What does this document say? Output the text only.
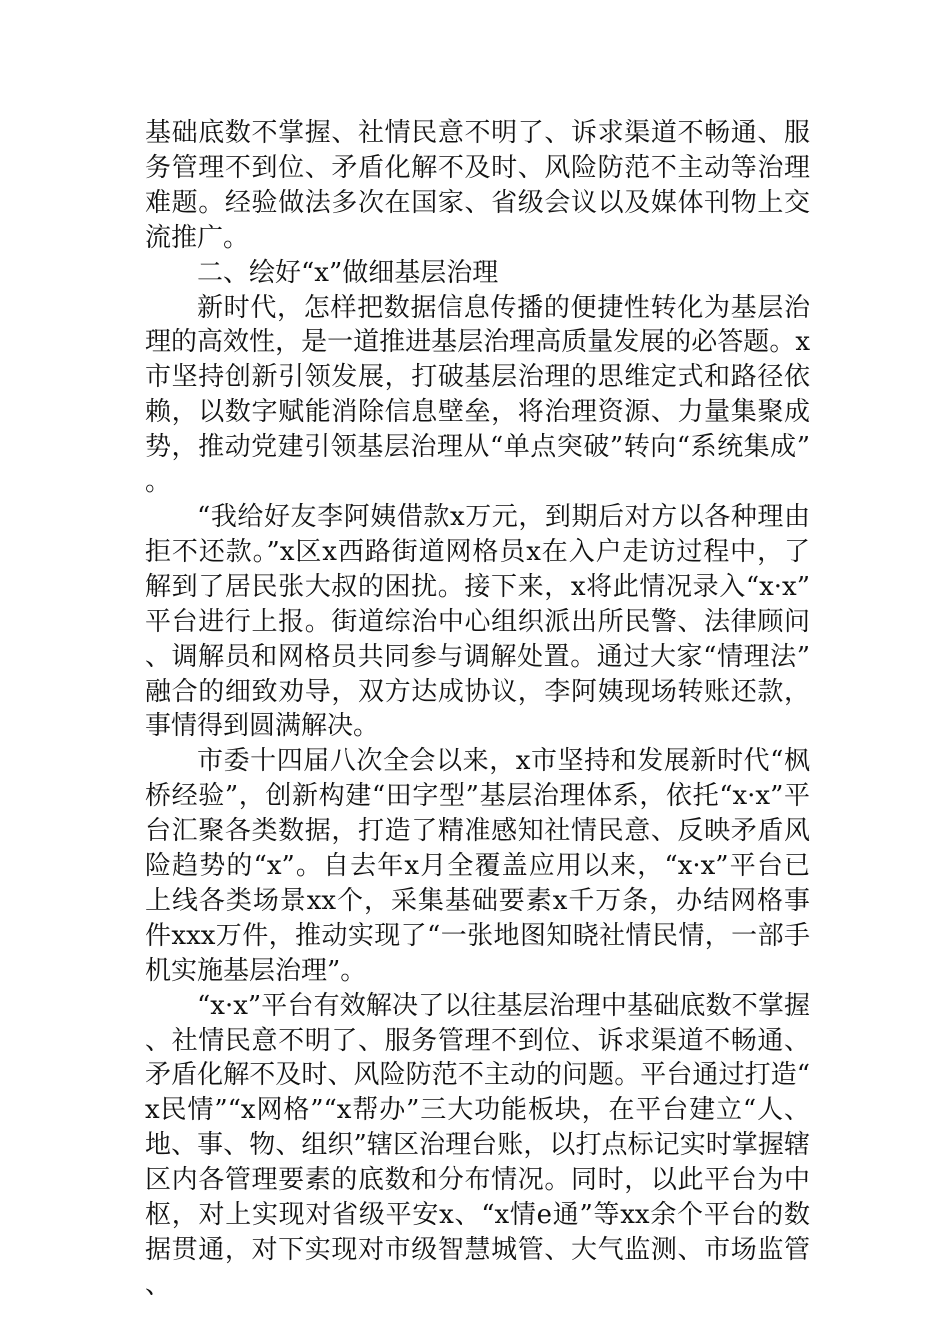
基础底数不掌握、社情民意不明了、诉求渠道不畅通、服务管理不到位、矛盾化解不及时、风险防范不主动等治理难题。经验做法多次在国家、省级会议以及媒体刊物上交流推广。

二、绘好“x”做细基层治理

新时代，怎样把数据信息传播的便捷性转化为基层治理的高效性，是一道推进基层治理高质量发展的必答题。x市坚持创新引领发展，打破基层治理的思维定式和路径依赖，以数字赋能消除信息壁垒，将治理资源、力量集聚成势，推动党建引领基层治理从“单点突破”转向“系统集成”。

“我给好友李阿姨借款x万元，到期后对方以各种理由拒不还款。”x区x西路街道网格员x在入户走访过程中，了解到了居民张大叔的困扰。接下来，x将此情况录入“x·x”平台进行上报。街道综治中心组织派出所民警、法律顾问、调解员和网格员共同参与调解处置。通过大家“情理法”融合的细致劝导，双方达成协议，李阿姨现场转账还款，事情得到圆满解决。

市委十四届八次全会以来，x市坚持和发展新时代“枫桥经验”，创新构建“田字型”基层治理体系，依托“x·x”平台汇聚各类数据，打造了精准感知社情民意、反映矛盾风险趋势的“x”。自去年x月全覆盖应用以来，“x·x”平台已上线各类场景xx个，采集基础要素x千万条，办结网格事件xxx万件，推动实现了“一张地图知晓社情民情，一部手机实施基层治理”。

“x·x”平台有效解决了以往基层治理中基础底数不掌握、社情民意不明了、服务管理不到位、诉求渠道不畅通、矛盾化解不及时、风险防范不主动的问题。平台通过打造“x民情”“x网格”“x帮办”三大功能板块，在平台建立“人、地、事、物、组织”辖区治理台账，以打点标记实时掌握辖区内各管理要素的底数和分布情况。同时，以此平台为中枢，对上实现对省级平安x、“x情e通”等xx余个平台的数据贯通，对下实现对市级智慧城管、大气监测、市场监管、
